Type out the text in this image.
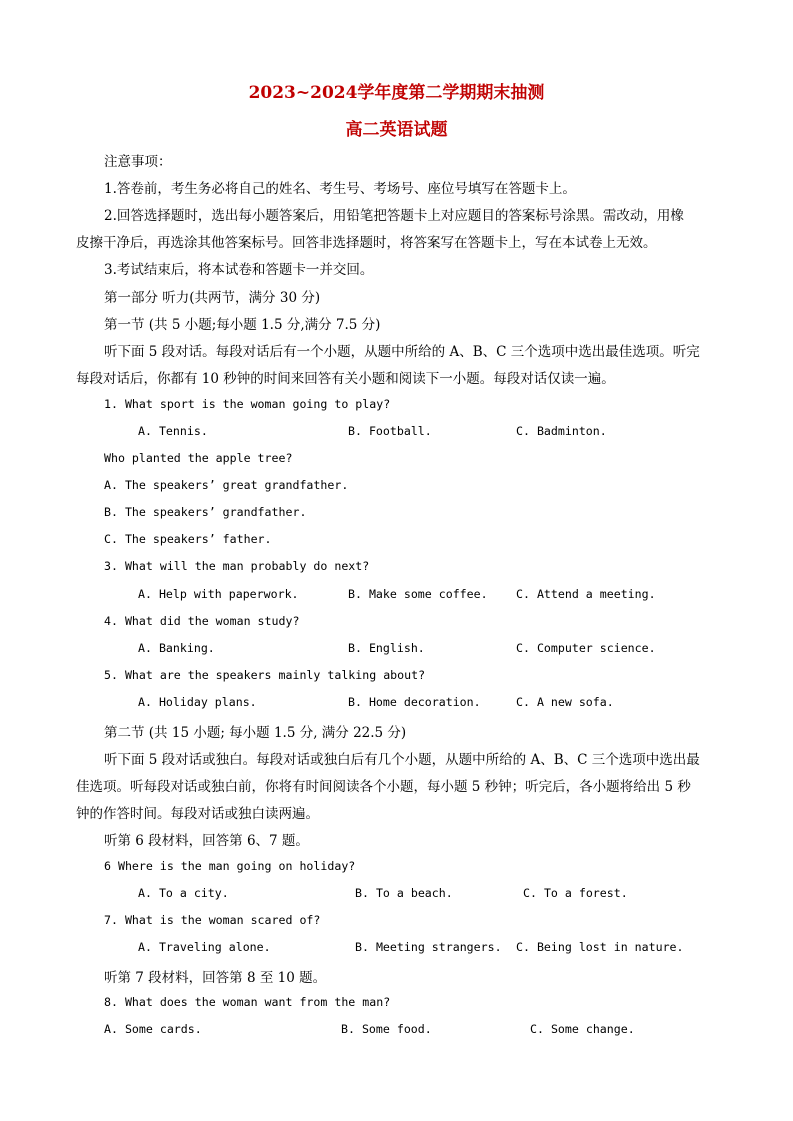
2023~2024学年度第二学期期末抽测
高二英语试题
注意事项：
1.答卷前，考生务必将自己的姓名、考生号、考场号、座位号填写在答题卡上。
2.回答选择题时，选出每小题答案后，用铅笔把答题卡上对应题目的答案标号涂黑。需改动，用橡
皮擦干净后，再选涂其他答案标号。回答非选择题时，将答案写在答题卡上，写在本试卷上无效。
3.考试结束后，将本试卷和答题卡一并交回。
第一部分 听力(共两节，满分 30 分)
第一节 (共 5 小题;每小题 1.5 分,满分 7.5 分)
听下面 5 段对话。每段对话后有一个小题，从题中所给的 A、B、C 三个选项中选出最佳选项。听完
每段对话后，你都有 10 秒钟的时间来回答有关小题和阅读下一小题。每段对话仅读一遍。
1. What sport is the woman going to play?
A. Tennis.	B. Football.	C. Badminton.
Who planted the apple tree?
A. The speakers’ great grandfather.
B. The speakers’ grandfather.
C. The speakers’ father.
3. What will the man probably do next?
A. Help with paperwork.	B. Make some coffee. C. Attend a meeting.
4. What did the woman study?
A. Banking.	B. English.	C. Computer science.
5. What are the speakers mainly talking about?
A. Holiday plans.	B. Home decoration.	C. A new sofa.
第二节 (共 15 小题; 每小题 1.5 分, 满分 22.5 分)
听下面 5 段对话或独白。每段对话或独白后有几个小题，从题中所给的 A、B、C 三个选项中选出最
佳选项。听每段对话或独白前，你将有时间阅读各个小题，每小题 5 秒钟；听完后，各小题将给出 5 秒
钟的作答时间。每段对话或独白读两遍。
听第 6 段材料，回答第 6、7 题。
6 Where is the man going on holiday?
A. To a city.	B. To a beach.	C. To a forest.
7. What is the woman scared of?
A. Traveling alone.	B. Meeting strangers. C. Being lost in nature.
听第 7 段材料，回答第 8 至 10 题。
8. What does the woman want from the man?
A. Some cards.	B. Some food.	C. Some change.
